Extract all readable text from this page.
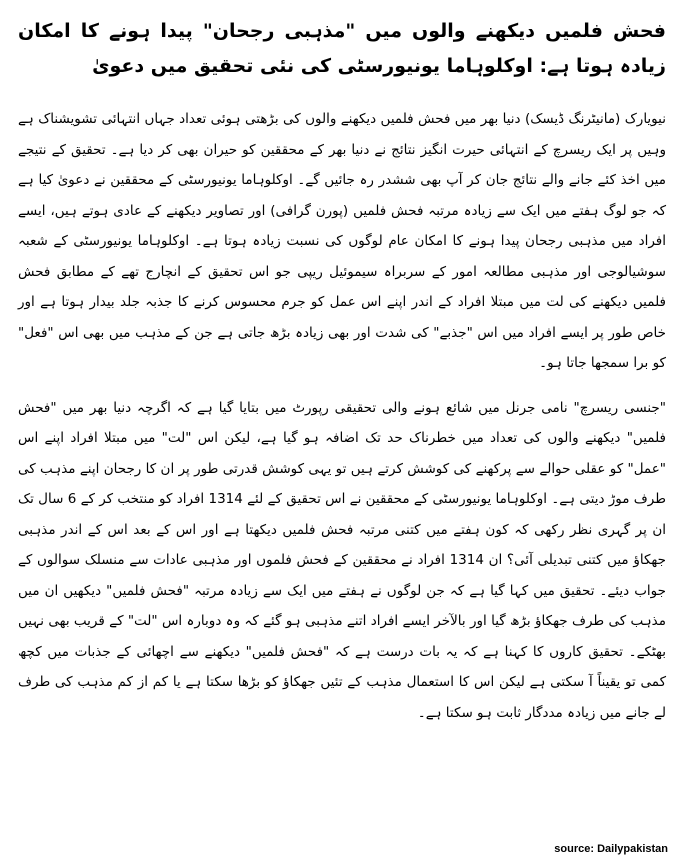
فحش فلمیں دیکھنے والوں میں "مذہبی رجحان" پیدا ہونے کا امکان زیادہ ہوتا ہے: اوکلوہاما یونیورسٹی کی نئی تحقیق میں دعویٰ

نیویارک (مانیٹرنگ ڈیسک) دنیا بھر میں فحش فلمیں دیکھنے والوں کی بڑھتی ہوئی تعداد جہاں انتہائی تشویشناک ہے وہیں پر ایک ریسرچ کے انتہائی حیرت انگیز نتائج نے دنیا بھر کے محققین کو حیران بھی کر دیا ہے۔ تحقیق کے نتیجے میں اخذ کئے جانے والے نتائج جان کر آپ بھی ششدر رہ جائیں گے۔ اوکلوہاما یونیورسٹی کے محققین نے دعویٰ کیا ہے کہ جو لوگ ہفتے میں ایک سے زیادہ مرتبہ فحش فلمیں (پورن گرافی) اور تصاویر دیکھنے کے عادی ہوتے ہیں، ایسے افراد میں مذہبی رجحان پیدا ہونے کا امکان عام لوگوں کی نسبت زیادہ ہوتا ہے۔ اوکلوہاما یونیورسٹی کے شعبہ سوشیالوجی اور مذہبی مطالعہ امور کے سربراہ سیموئیل ریپی جو اس تحقیق کے انچارج تھے کے مطابق فحش فلمیں دیکھنے کی لت میں مبتلا افراد کے اندر اپنے اس عمل کو جرم محسوس کرنے کا جذبہ جلد بیدار ہوتا ہے اور خاص طور پر ایسے افراد میں اس "جذبے" کی شدت اور بھی زیادہ بڑھ جاتی ہے جن کے مذہب میں بھی اس "فعل" کو برا سمجھا جاتا ہو۔

"جنسی ریسرچ" نامی جرنل میں شائع ہونے والی تحقیقی رپورٹ میں بتایا گیا ہے کہ اگرچہ دنیا بھر میں "فحش فلمیں" دیکھنے والوں کی تعداد میں خطرناک حد تک اضافہ ہو گیا ہے، لیکن اس "لت" میں مبتلا افراد اپنے اس "عمل" کو عقلی حوالے سے پرکھنے کی کوشش کرتے ہیں تو یہی کوشش قدرتی طور پر ان کا رجحان اپنے مذہب کی طرف موڑ دیتی ہے۔ اوکلوہاما یونیورسٹی کے محققین نے اس تحقیق کے لئے 1314 افراد کو منتخب کر کے 6 سال تک ان پر گہری نظر رکھی کہ کون ہفتے میں کتنی مرتبہ فحش فلمیں دیکھتا ہے اور اس کے بعد اس کے اندر مذہبی جھکاؤ میں کتنی تبدیلی آئی؟ ان 1314 افراد نے محققین کے فحش فلموں اور مذہبی عادات سے منسلک سوالوں کے جواب دیئے۔ تحقیق میں کہا گیا ہے کہ جن لوگوں نے ہفتے میں ایک سے زیادہ مرتبہ "فحش فلمیں" دیکھیں ان میں مذہب کی طرف جھکاؤ بڑھ گیا اور بالآخر ایسے افراد اتنے مذہبی ہو گئے کہ وہ دوبارہ اس "لت" کے قریب بھی نہیں بھٹکے۔ تحقیق کاروں کا کہنا ہے کہ یہ بات درست ہے کہ "فحش فلمیں" دیکھنے سے اچھائی کے جذبات میں کچھ کمی تو یقیناً آ سکتی ہے لیکن اس کا استعمال مذہب کے تئیں جھکاؤ کو بڑھا سکتا ہے یا کم از کم مذہب کی طرف لے جانے میں زیادہ مددگار ثابت ہو سکتا ہے۔

source: Dailypakistan
